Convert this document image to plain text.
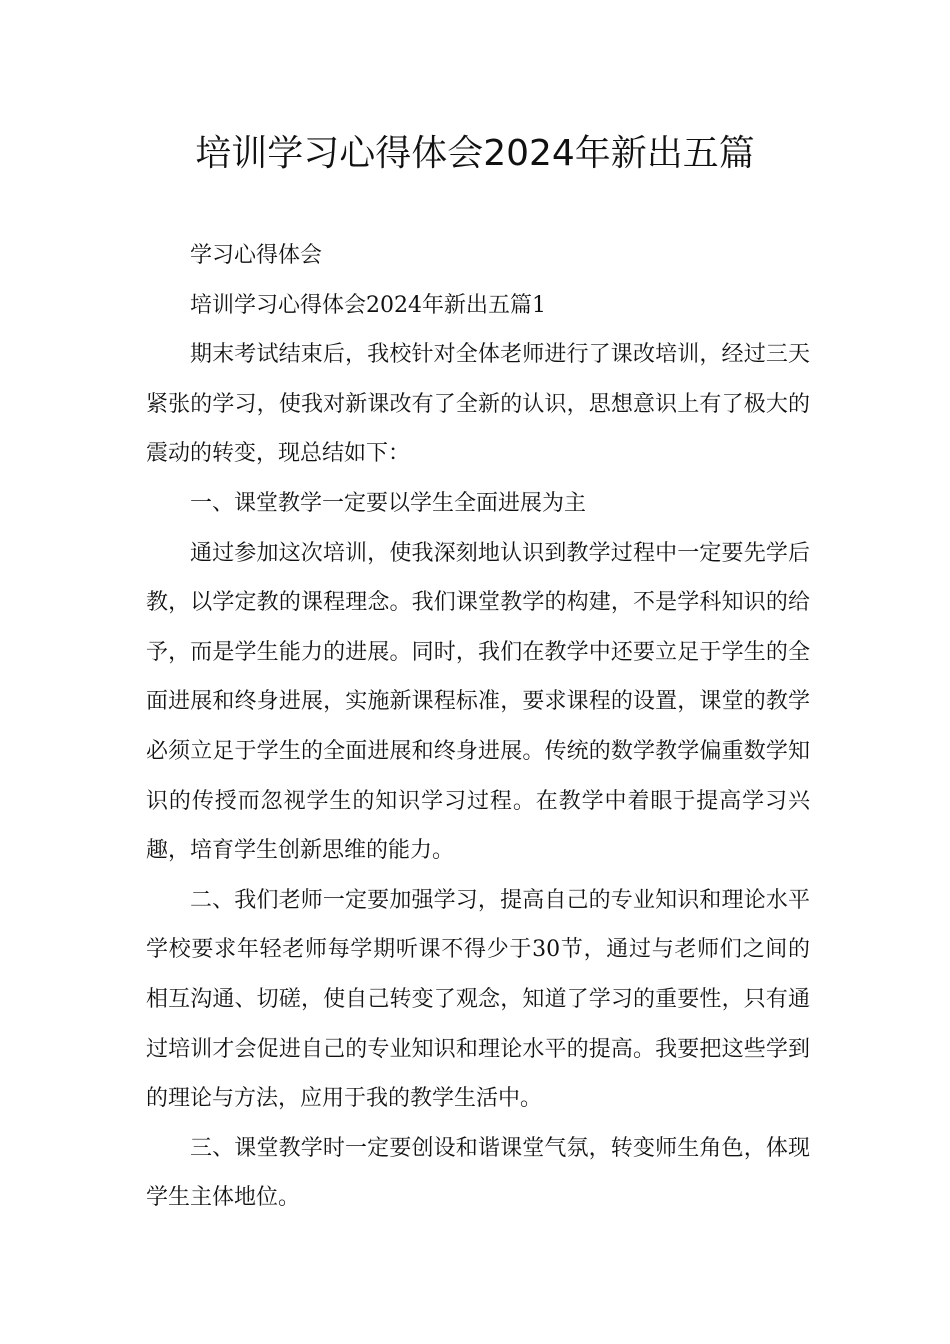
培训学习心得体会2024年新出五篇

学习心得体会

培训学习心得体会2024年新出五篇1

期末考试结束后，我校针对全体老师进行了课改培训，经过三天紧张的学习，使我对新课改有了全新的认识，思想意识上有了极大的震动的转变，现总结如下：

一、课堂教学一定要以学生全面进展为主

通过参加这次培训，使我深刻地认识到教学过程中一定要先学后教，以学定教的课程理念。我们课堂教学的构建，不是学科知识的给予，而是学生能力的进展。同时，我们在教学中还要立足于学生的全面进展和终身进展，实施新课程标准，要求课程的设置，课堂的教学必须立足于学生的全面进展和终身进展。传统的数学教学偏重数学知识的传授而忽视学生的知识学习过程。在教学中着眼于提高学习兴趣，培育学生创新思维的能力。

二、我们老师一定要加强学习，提高自己的专业知识和理论水平学校要求年轻老师每学期听课不得少于30节，通过与老师们之间的相互沟通、切磋，使自己转变了观念，知道了学习的重要性，只有通过培训才会促进自己的专业知识和理论水平的提高。我要把这些学到的理论与方法，应用于我的教学生活中。

三、课堂教学时一定要创设和谐课堂气氛，转变师生角色，体现学生主体地位。
